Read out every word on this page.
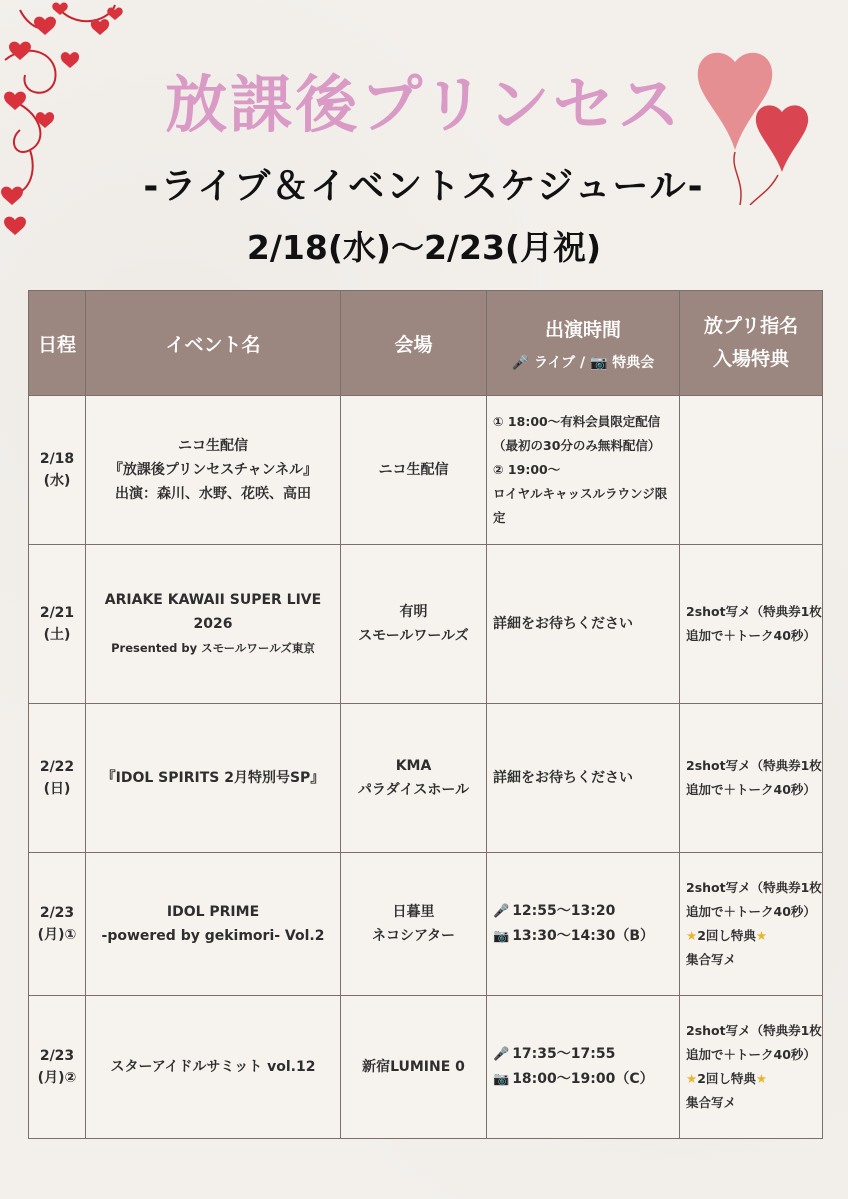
放課後プリンセス
-ライブ＆イベントスケジュール-
2/18(水)～2/23(月祝)
日程	イベント名	会場	出演時間
🎤 ライブ / 📷 特典会	放プリ指名
入場特典

2/18
(水)	ニコ生配信
『放課後プリンセスチャンネル』
出演：森川、水野、花咲、高田	ニコ生配信	① 18:00～有料会員限定配信
（最初の30分のみ無料配信）
② 19:00～
ロイヤルキャッスルラウンジ限定	

2/21
(土)	ARIAKE KAWAII SUPER LIVE 2026
Presented by スモールワールズ東京	有明
スモールワールズ	詳細をお待ちください	2shot写メ（特典券1枚
追加で＋トーク40秒）

2/22
(日)	『IDOL SPIRITS 2月特別号SP』	KMA
パラダイスホール	詳細をお待ちください	2shot写メ（特典券1枚
追加で＋トーク40秒）

2/23
(月)①	IDOL PRIME
-powered by gekimori- Vol.2	日暮里
ネコシアター	🎤 12:55～13:20
📷 13:30～14:30（B）	2shot写メ（特典券1枚
追加で＋トーク40秒）
★2回し特典★
集合写メ

2/23
(月)②	スターアイドルサミット vol.12	新宿LUMINE 0	🎤 17:35～17:55
📷 18:00～19:00（C）	2shot写メ（特典券1枚
追加で＋トーク40秒）
★2回し特典★
集合写メ
